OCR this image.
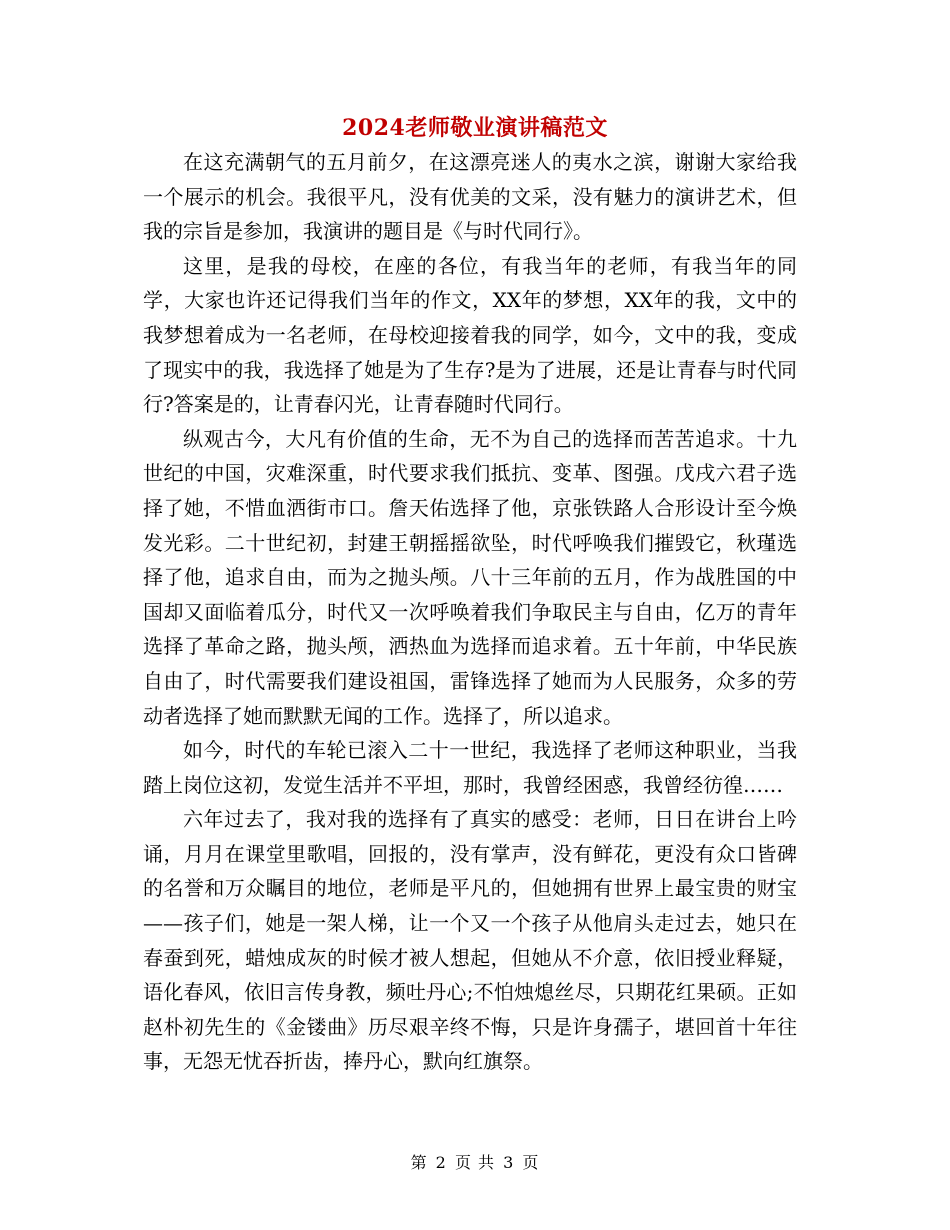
2024老师敬业演讲稿范文

在这充满朝气的五月前夕，在这漂亮迷人的夷水之滨，谢谢大家给我一个展示的机会。我很平凡，没有优美的文采，没有魅力的演讲艺术，但我的宗旨是参加，我演讲的题目是《与时代同行》。

这里，是我的母校，在座的各位，有我当年的老师，有我当年的同学，大家也许还记得我们当年的作文，XX年的梦想，XX年的我，文中的我梦想着成为一名老师，在母校迎接着我的同学，如今，文中的我，变成了现实中的我，我选择了她是为了生存?是为了进展，还是让青春与时代同行?答案是的，让青春闪光，让青春随时代同行。

纵观古今，大凡有价值的生命，无不为自己的选择而苦苦追求。十九世纪的中国，灾难深重，时代要求我们抵抗、变革、图强。戊戌六君子选择了她，不惜血洒街市口。詹天佑选择了他，京张铁路人合形设计至今焕发光彩。二十世纪初，封建王朝摇摇欲坠，时代呼唤我们摧毁它，秋瑾选择了他，追求自由，而为之抛头颅。八十三年前的五月，作为战胜国的中国却又面临着瓜分，时代又一次呼唤着我们争取民主与自由，亿万的青年选择了革命之路，抛头颅，洒热血为选择而追求着。五十年前，中华民族自由了，时代需要我们建设祖国，雷锋选择了她而为人民服务，众多的劳动者选择了她而默默无闻的工作。选择了，所以追求。

如今，时代的车轮已滚入二十一世纪，我选择了老师这种职业，当我踏上岗位这初，发觉生活并不平坦，那时，我曾经困惑，我曾经彷徨……

六年过去了，我对我的选择有了真实的感受：老师，日日在讲台上吟诵，月月在课堂里歌唱，回报的，没有掌声，没有鲜花，更没有众口皆碑的名誉和万众瞩目的地位，老师是平凡的，但她拥有世界上最宝贵的财宝——孩子们，她是一架人梯，让一个又一个孩子从他肩头走过去，她只在春蚕到死，蜡烛成灰的时候才被人想起，但她从不介意，依旧授业释疑，语化春风，依旧言传身教，频吐丹心;不怕烛熄丝尽，只期花红果硕。正如赵朴初先生的《金镂曲》历尽艰辛终不悔，只是许身孺子，堪回首十年往事，无怨无忧吞折齿，捧丹心，默向红旗祭。

第 2 页 共 3 页
